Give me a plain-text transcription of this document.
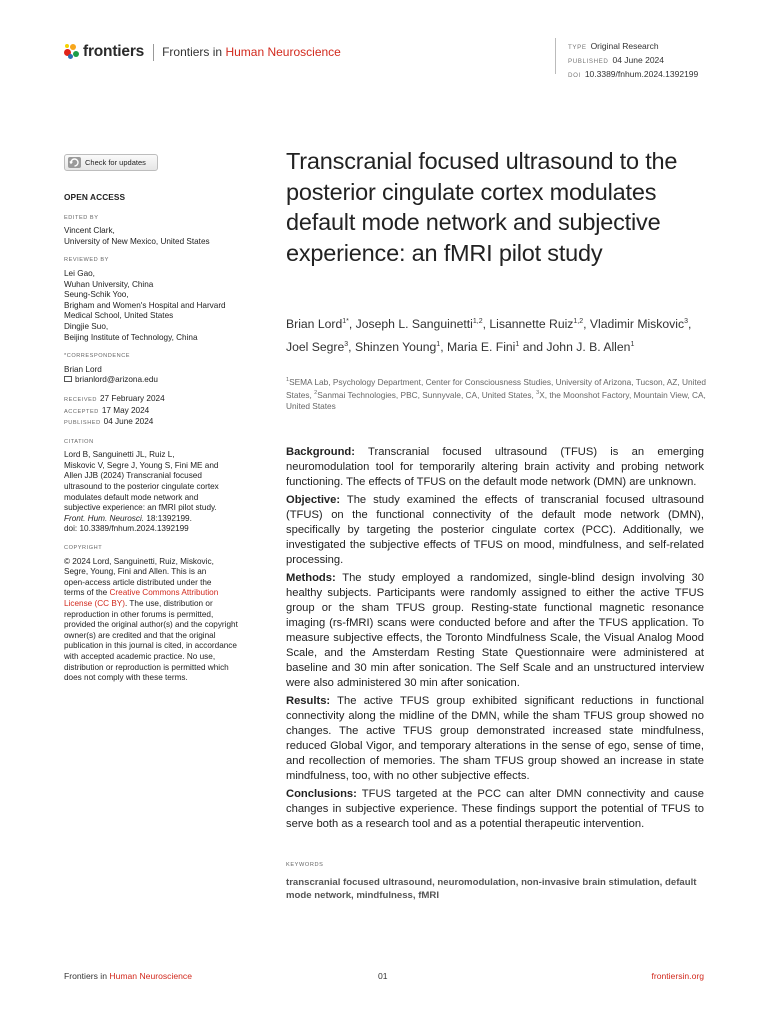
frontiers Frontiers in Human Neuroscience	TYPE Original Research
PUBLISHED 04 June 2024
DOI 10.3389/fnhum.2024.1392199
Check for updates
OPEN ACCESS
EDITED BY
Vincent Clark,
University of New Mexico, United States
REVIEWED BY
Lei Gao,
Wuhan University, China
Seung-Schik Yoo,
Brigham and Women's Hospital and Harvard
Medical School, United States
Dingjie Suo,
Beijing Institute of Technology, China
*CORRESPONDENCE
Brian Lord
brianlord@arizona.edu
RECEIVED 27 February 2024
ACCEPTED 17 May 2024
PUBLISHED 04 June 2024
CITATION
Lord B, Sanguinetti JL, Ruiz L,
Miskovic V, Segre J, Young S, Fini ME and
Allen JJB (2024) Transcranial focused
ultrasound to the posterior cingulate cortex
modulates default mode network and
subjective experience: an fMRI pilot study.
Front. Hum. Neurosci. 18:1392199.
doi: 10.3389/fnhum.2024.1392199
COPYRIGHT
© 2024 Lord, Sanguinetti, Ruiz, Miskovic,
Segre, Young, Fini and Allen. This is an
open-access article distributed under the
terms of the Creative Commons Attribution License (CC BY). The use, distribution or reproduction in other forums is permitted, provided the original author(s) and the copyright owner(s) are credited and that the original publication in this journal is cited, in accordance with accepted academic practice. No use, distribution or reproduction is permitted which does not comply with these terms.
Transcranial focused ultrasound to the posterior cingulate cortex modulates default mode network and subjective experience: an fMRI pilot study
Brian Lord$^{1*}$, Joseph L. Sanguinetti$^{1,2}$, Lisannette Ruiz$^{1,2}$, Vladimir Miskovic$^3$, Joel Segre$^3$, Shinzen Young$^1$, Maria E. Fini$^1$ and John J. B. Allen$^1$
$^1$SEMA Lab, Psychology Department, Center for Consciousness Studies, University of Arizona, Tucson, AZ, United States, $^2$Sanmai Technologies, PBC, Sunnyvale, CA, United States, $^3$X, the Moonshot Factory, Mountain View, CA, United States

Background: Transcranial focused ultrasound (TFUS) is an emerging neuromodulation tool for temporarily altering brain activity and probing network functioning. The effects of TFUS on the default mode network (DMN) are unknown.

Objective: The study examined the effects of transcranial focused ultrasound (TFUS) on the functional connectivity of the default mode network (DMN), specifically by targeting the posterior cingulate cortex (PCC). Additionally, we investigated the subjective effects of TFUS on mood, mindfulness, and self-related processing.

Methods: The study employed a randomized, single-blind design involving 30 healthy subjects. Participants were randomly assigned to either the active TFUS group or the sham TFUS group. Resting-state functional magnetic resonance imaging (rs-fMRI) scans were conducted before and after the TFUS application. To measure subjective effects, the Toronto Mindfulness Scale, the Visual Analog Mood Scale, and the Amsterdam Resting State Questionnaire were administered at baseline and 30 min after sonication. The Self Scale and an unstructured interview were also administered 30 min after sonication.

Results: The active TFUS group exhibited significant reductions in functional connectivity along the midline of the DMN, while the sham TFUS group showed no changes. The active TFUS group demonstrated increased state mindfulness, reduced Global Vigor, and temporary alterations in the sense of ego, sense of time, and recollection of memories. The sham TFUS group showed an increase in state mindfulness, too, with no other subjective effects.

Conclusions: TFUS targeted at the PCC can alter DMN connectivity and cause changes in subjective experience. These findings support the potential of TFUS to serve both as a research tool and as a potential therapeutic intervention.

KEYWORDS
transcranial focused ultrasound, neuromodulation, non-invasive brain stimulation, default mode network, mindfulness, fMRI
Frontiers in Human Neuroscience	01	frontiersin.org
